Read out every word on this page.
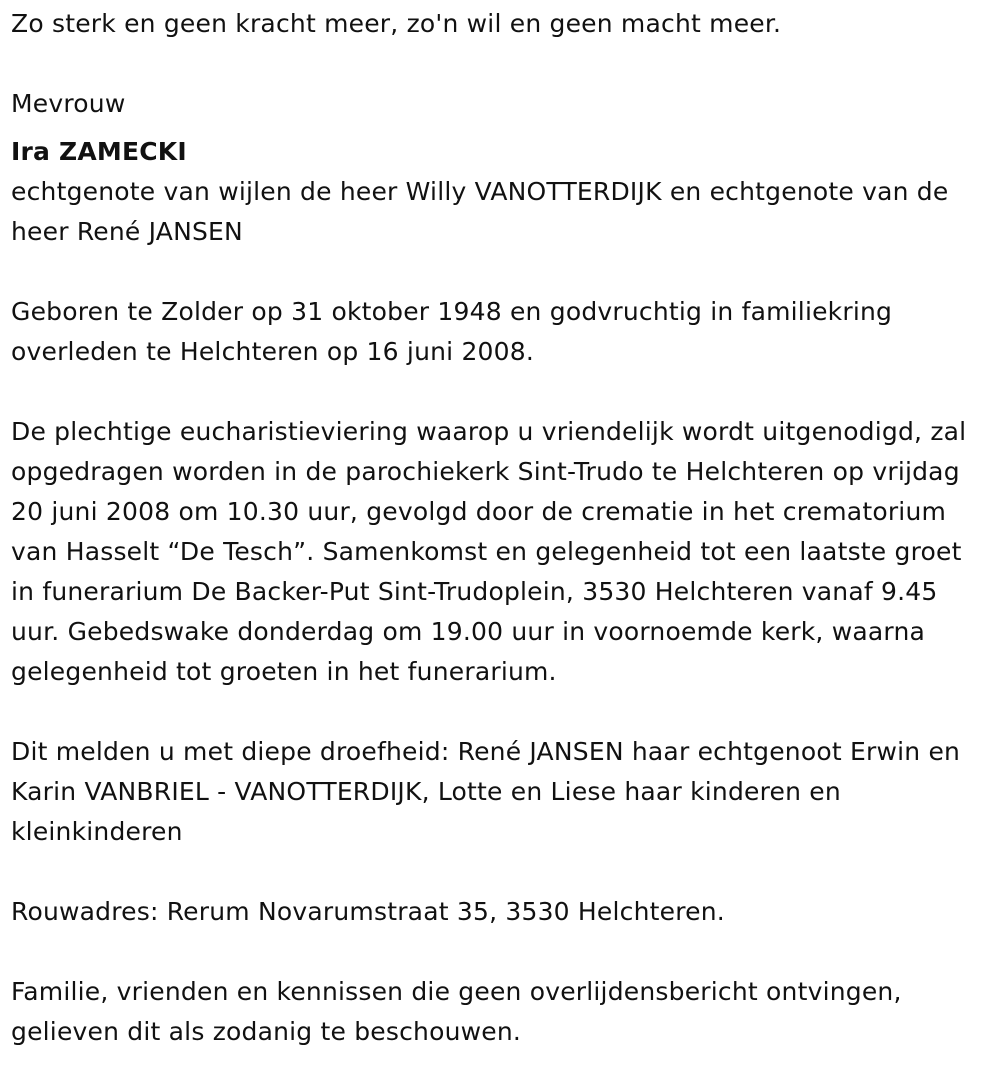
Zo sterk en geen kracht meer, zo'n wil en geen macht meer.

Mevrouw

Ira ZAMECKI

echtgenote van wijlen de heer Willy VANOTTERDIJK en echtgenote van de heer René JANSEN

Geboren te Zolder op 31 oktober 1948 en godvruchtig in familiekring overleden te Helchteren op 16 juni 2008.

De plechtige eucharistieviering waarop u vriendelijk wordt uitgenodigd, zal opgedragen worden in de parochiekerk Sint-Trudo te Helchteren op vrijdag 20 juni 2008 om 10.30 uur, gevolgd door de crematie in het crematorium van Hasselt “De Tesch”. Samenkomst en gelegenheid tot een laatste groet in funerarium De Backer-Put Sint-Trudoplein, 3530 Helchteren vanaf 9.45 uur. Gebedswake donderdag om 19.00 uur in voornoemde kerk, waarna gelegenheid tot groeten in het funerarium.

Dit melden u met diepe droefheid: René JANSEN haar echtgenoot Erwin en Karin VANBRIEL - VANOTTERDIJK, Lotte en Liese haar kinderen en kleinkinderen

Rouwadres: Rerum Novarumstraat 35, 3530 Helchteren.

Familie, vrienden en kennissen die geen overlijdensbericht ontvingen, gelieven dit als zodanig te beschouwen.
